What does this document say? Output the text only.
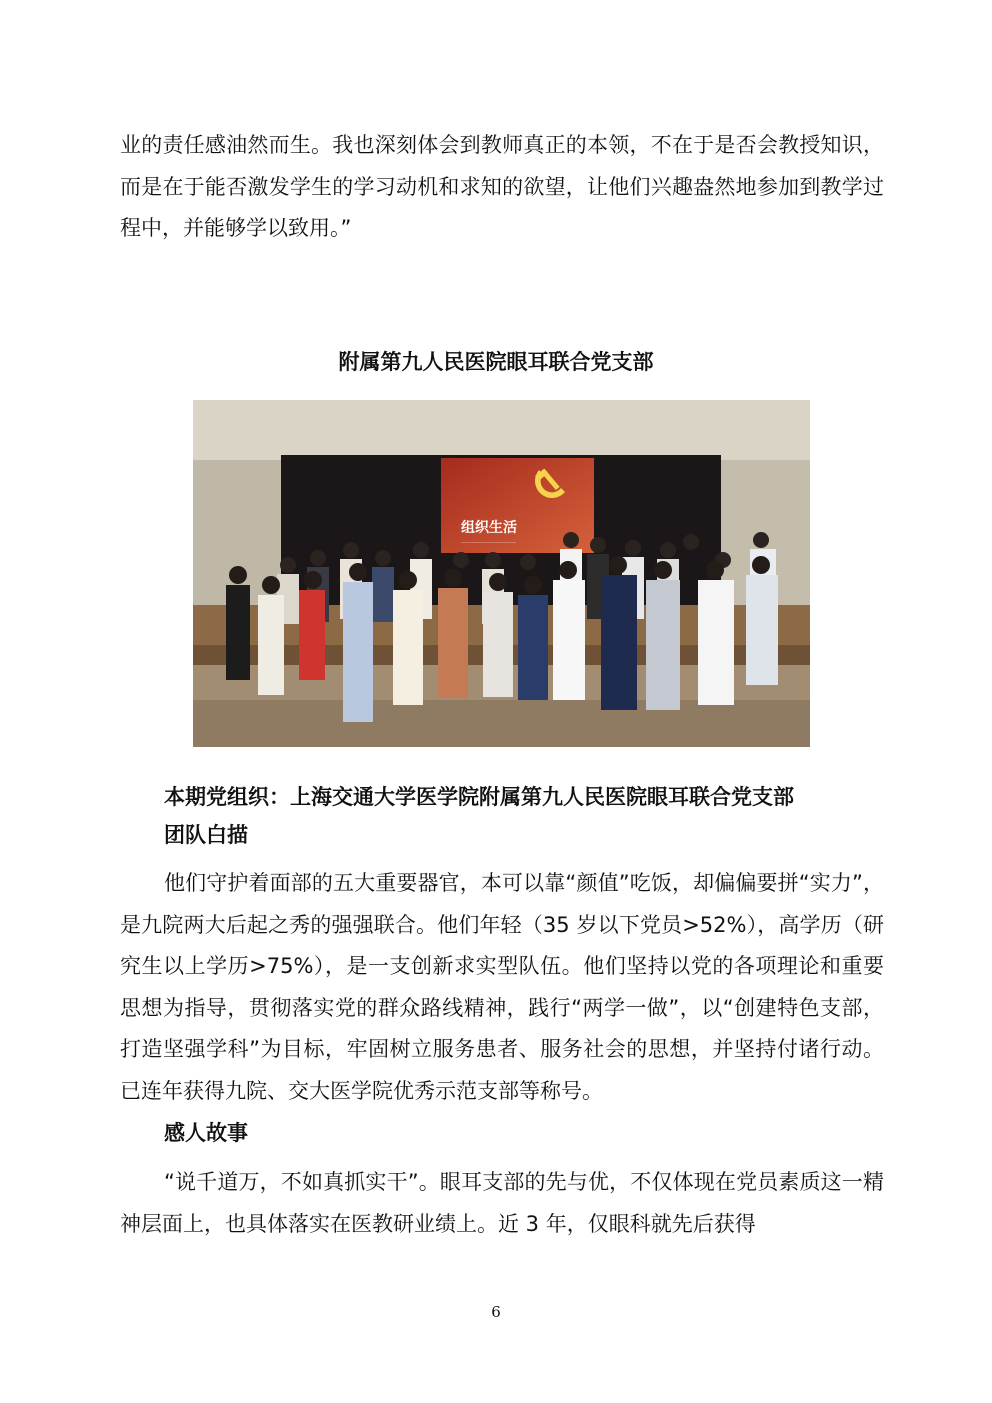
业的责任感油然而生。我也深刻体会到教师真正的本领，不在于是否会教授知识，而是在于能否激发学生的学习动机和求知的欲望，让他们兴趣盎然地参加到教学过程中，并能够学以致用。”

附属第九人民医院眼耳联合党支部
组织生活
———————————

本期党组织：上海交通大学医学院附属第九人民医院眼耳联合党支部

团队白描

他们守护着面部的五大重要器官，本可以靠“颜值”吃饭，却偏偏要拼“实力”，是九院两大后起之秀的强强联合。他们年轻（35 岁以下党员>52%），高学历（研究生以上学历>75%），是一支创新求实型队伍。他们坚持以党的各项理论和重要思想为指导，贯彻落实党的群众路线精神，践行“两学一做”，以“创建特色支部，打造坚强学科”为目标，牢固树立服务患者、服务社会的思想，并坚持付诸行动。已连年获得九院、交大医学院优秀示范支部等称号。

感人故事

“说千道万，不如真抓实干”。眼耳支部的先与优，不仅体现在党员素质这一精神层面上，也具体落实在医教研业绩上。近 3 年，仅眼科就先后获得

6
